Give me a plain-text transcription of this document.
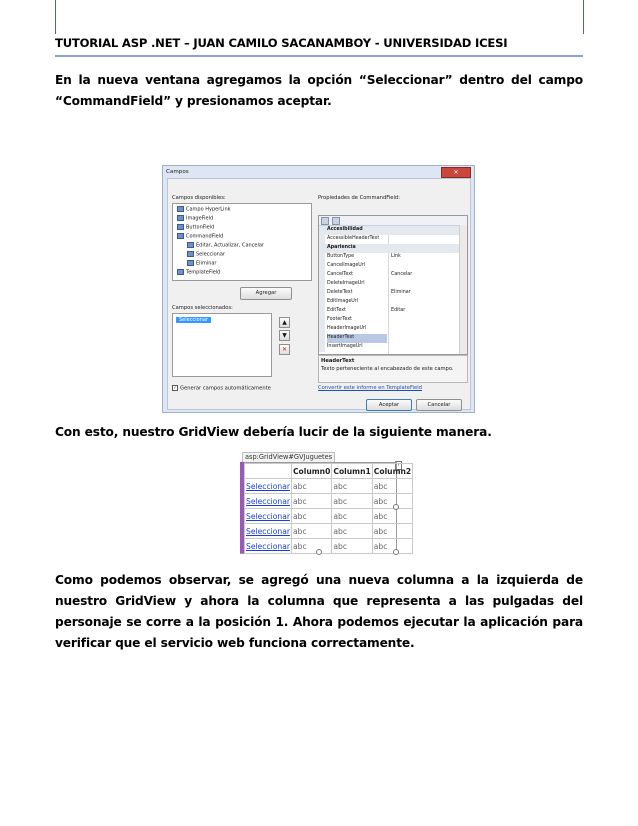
TUTORIAL ASP .NET – JUAN CAMILO SACANAMBOY - UNIVERSIDAD ICESI
En la nueva ventana agregamos la opción “Seleccionar” dentro del campo “CommandField” y presionamos aceptar.
Campos	✕
Campos disponibles:
Campo HyperLink
ImageField
ButtonField
CommandField
Editar, Actualizar, Cancelar
Seleccionar
Eliminar
TemplateField
Agregar
Campos seleccionados:
Seleccionar	▲
▼
✕
✓ Generar campos automáticamente
Propiedades de CommandField:
Accesibilidad
AccessibleHeaderText
Apariencia
ButtonType	Link
CancelImageUrl
CancelText	Cancelar
DeleteImageUrl
DeleteText	Eliminar
EditImageUrl
EditText	Editar
FooterText
HeaderImageUrl
HeaderText
InsertImageUrl
HeaderText
Texto perteneciente al encabezado de este campo.
Convertir este informe en TemplateField
Aceptar	Cancelar
Con esto, nuestro GridView debería lucir de la siguiente manera.
asp:GridView#GVJuguetes
›
	Column0	Column1	Column2
Seleccionar	abc	abc	abc
Seleccionar	abc	abc	abc
Seleccionar	abc	abc	abc
Seleccionar	abc	abc	abc
Seleccionar	abc	abc	abc
Como podemos observar, se agregó una nueva columna a la izquierda de nuestro GridView y ahora la columna que representa a las pulgadas del personaje se corre a la posición 1. Ahora podemos ejecutar la aplicación para verificar que el servicio web funciona correctamente.
